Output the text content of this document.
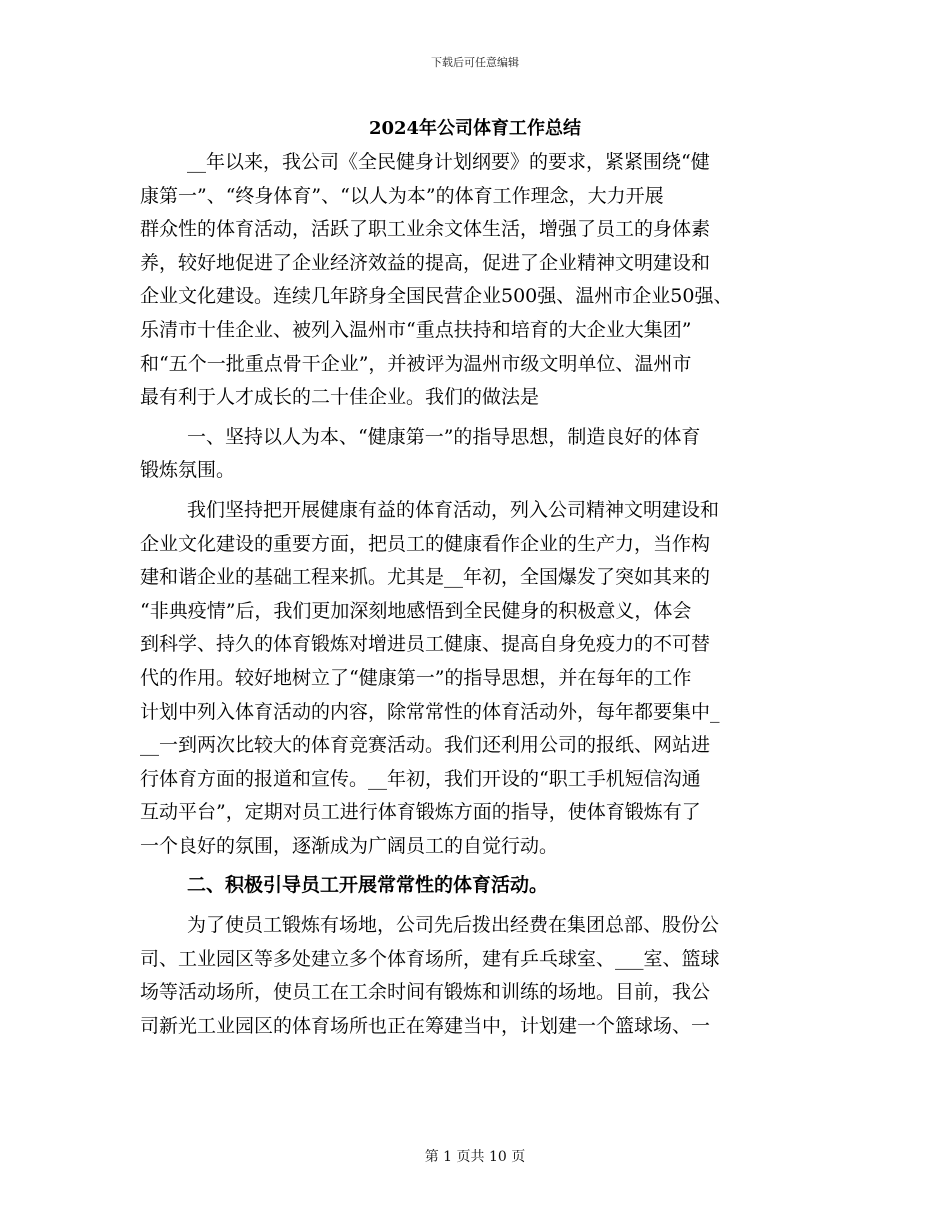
下载后可任意编辑
2024年公司体育工作总结
__年以来，我公司《全民健身计划纲要》的要求，紧紧围绕“健
康第一”、“终身体育”、“以人为本”的体育工作理念，大力开展
群众性的体育活动，活跃了职工业余文体生活，增强了员工的身体素
养，较好地促进了企业经济效益的提高，促进了企业精神文明建设和
企业文化建设。连续几年跻身全国民营企业500强、温州市企业50强、
乐清市十佳企业、被列入温州市“重点扶持和培育的大企业大集团”
和“五个一批重点骨干企业”，并被评为温州市级文明单位、温州市
最有利于人才成长的二十佳企业。我们的做法是
一、坚持以人为本、“健康第一”的指导思想，制造良好的体育
锻炼氛围。
我们坚持把开展健康有益的体育活动，列入公司精神文明建设和
企业文化建设的重要方面，把员工的健康看作企业的生产力，当作构
建和谐企业的基础工程来抓。尤其是__年初，全国爆发了突如其来的
“非典疫情”后，我们更加深刻地感悟到全民健身的积极意义，体会
到科学、持久的体育锻炼对增进员工健康、提高自身免疫力的不可替
代的作用。较好地树立了“健康第一”的指导思想，并在每年的工作
计划中列入体育活动的内容，除常常性的体育活动外，每年都要集中_
__一到两次比较大的体育竞赛活动。我们还利用公司的报纸、网站进
行体育方面的报道和宣传。__年初，我们开设的“职工手机短信沟通
互动平台”，定期对员工进行体育锻炼方面的指导，使体育锻炼有了
一个良好的氛围，逐渐成为广阔员工的自觉行动。
二、积极引导员工开展常常性的体育活动。
为了使员工锻炼有场地，公司先后拨出经费在集团总部、股份公
司、工业园区等多处建立多个体育场所，建有乒乓球室、___室、篮球
场等活动场所，使员工在工余时间有锻炼和训练的场地。目前，我公
司新光工业园区的体育场所也正在筹建当中，计划建一个篮球场、一
第 1 页共 10 页
